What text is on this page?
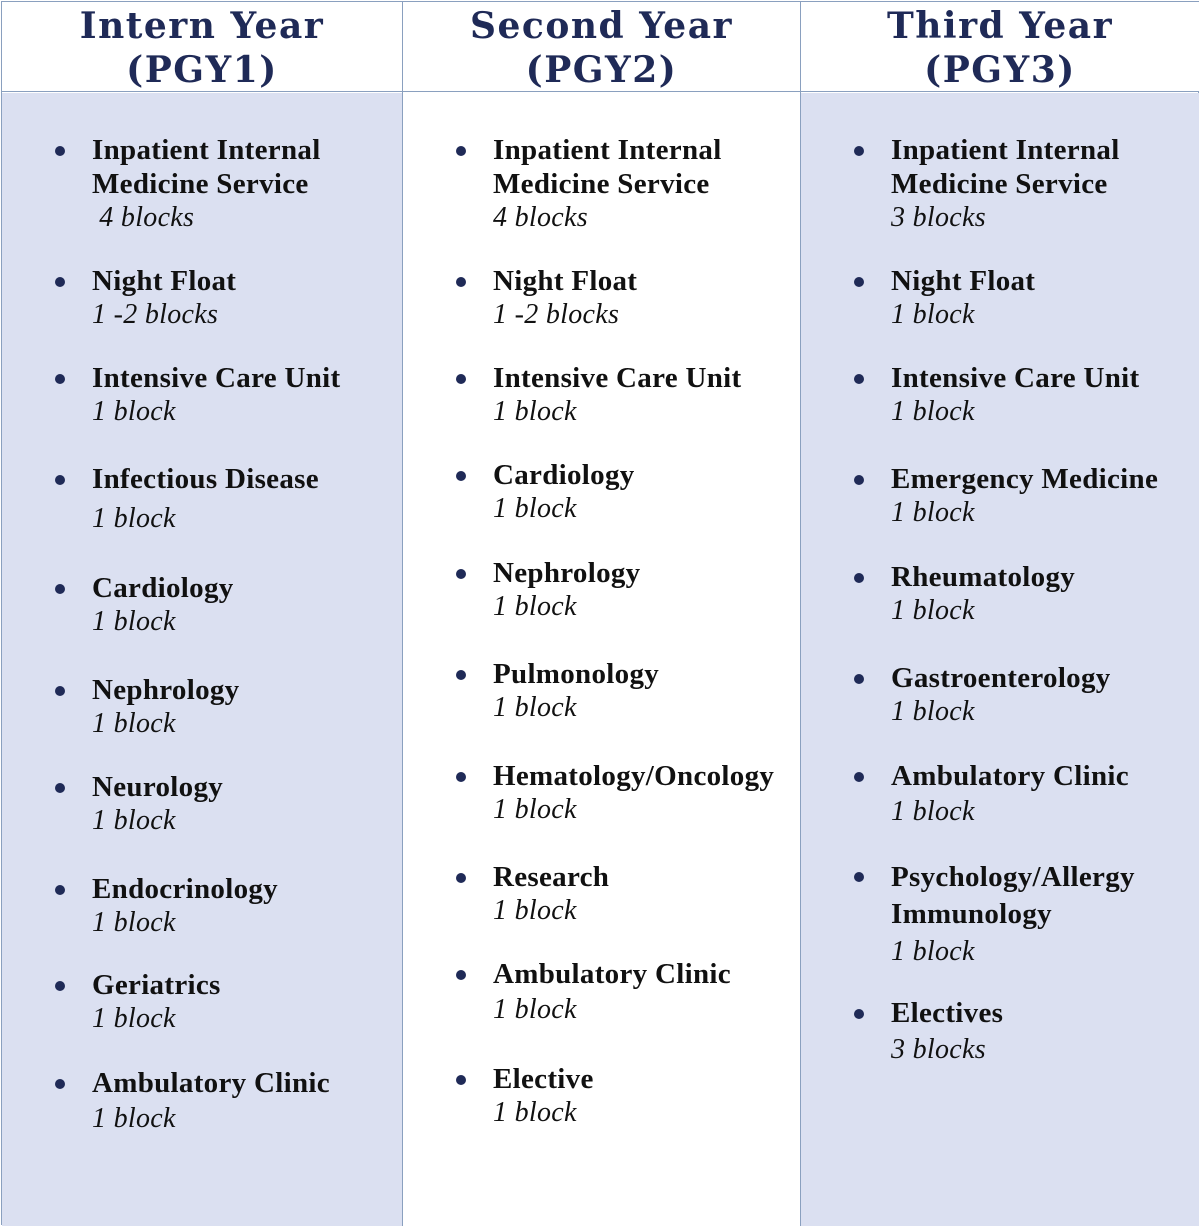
Intern Year
(PGY1)
Inpatient Internal Medicine Service
4 blocks
Night Float
1 -2 blocks
Intensive Care Unit
1 block
Infectious Disease
1 block
Cardiology
1 block
Nephrology
1 block
Neurology
1 block
Endocrinology
1 block
Geriatrics
1 block
Ambulatory Clinic
1 block
Second Year
(PGY2)
Inpatient Internal Medicine Service
4 blocks
Night Float
1 -2 blocks
Intensive Care Unit
1 block
Cardiology
1 block
Nephrology
1 block
Pulmonology
1 block
Hematology/Oncology
1 block
Research
1 block
Ambulatory Clinic
1 block
Elective
1 block
Third Year
(PGY3)
Inpatient Internal Medicine Service
3 blocks
Night Float
1 block
Intensive Care Unit
1 block
Emergency Medicine
1 block
Rheumatology
1 block
Gastroenterology
1 block
Ambulatory Clinic
1 block
Psychology/Allergy Immunology
1 block
Electives
3 blocks
